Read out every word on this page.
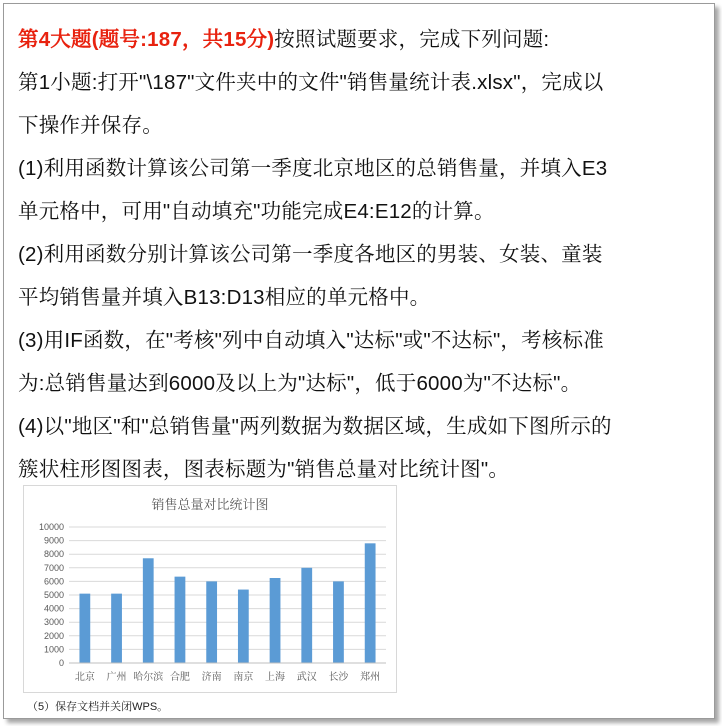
第4大题(题号:187，共15分)按照试题要求，完成下列问题:
第1小题:打开"\187"文件夹中的文件"销售量统计表.xlsx"，完成以
下操作并保存。
(1)利用函数计算该公司第一季度北京地区的总销售量，并填入E3
单元格中，可用"自动填充"功能完成E4:E12的计算。
(2)利用函数分别计算该公司第一季度各地区的男装、女装、童装
平均销售量并填入B13:D13相应的单元格中。
(3)用IF函数，在"考核"列中自动填入"达标"或"不达标"，考核标准
为:总销售量达到6000及以上为"达标"，低于6000为"不达标"。
(4)以"地区"和"总销售量"两列数据为数据区域，生成如下图所示的
簇状柱形图图表，图表标题为"销售总量对比统计图"。
销售总量对比统计图
0
1000
2000
3000
4000
5000
6000
7000
8000
9000
10000
北京 广州 哈尔滨 合肥 济南 南京 上海 武汉 长沙 郑州
（5）保存文档并关闭WPS。
